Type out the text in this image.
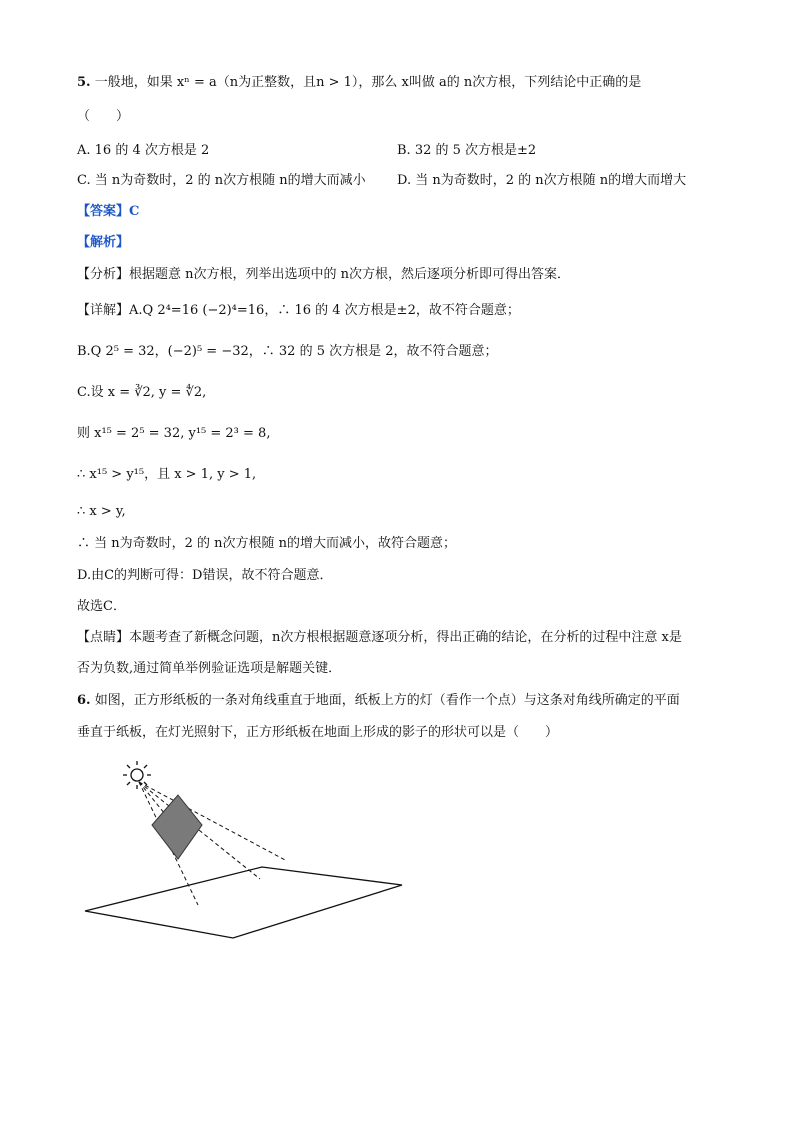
5. 一般地，如果 xⁿ = a（n为正整数，且n > 1），那么 x叫做 a的 n次方根，下列结论中正确的是
（　　）
A. 16 的 4 次方根是 2	B. 32 的 5 次方根是±2
C. 当 n为奇数时，2 的 n次方根随 n的增大而减小 D. 当 n为奇数时，2 的 n次方根随 n的增大而增大
【答案】C
【解析】
【分析】根据题意 n次方根，列举出选项中的 n次方根，然后逐项分析即可得出答案．
【详解】A.Q 2⁴=16 (−2)⁴=16，∴ 16 的 4 次方根是±2，故不符合题意；
B.Q 2⁵ = 32，(−2)⁵ = −32，∴ 32 的 5 次方根是 2，故不符合题意；
C.设 x = ∛2, y = ∜2,
则 x¹⁵ = 2⁵ = 32, y¹⁵ = 2³ = 8,
∴ x¹⁵ > y¹⁵，且 x > 1, y > 1,
∴ x > y,
∴ 当 n为奇数时，2 的 n次方根随 n的增大而减小，故符合题意；
D.由C的判断可得：D错误，故不符合题意．
故选C．
【点睛】本题考查了新概念问题，n次方根根据题意逐项分析，得出正确的结论，在分析的过程中注意 x是
否为负数,通过简单举例验证选项是解题关键．
6. 如图，正方形纸板的一条对角线重直于地面，纸板上方的灯（看作一个点）与这条对角线所确定的平面
垂直于纸板，在灯光照射下，正方形纸板在地面上形成的影子的形状可以是（　　）
